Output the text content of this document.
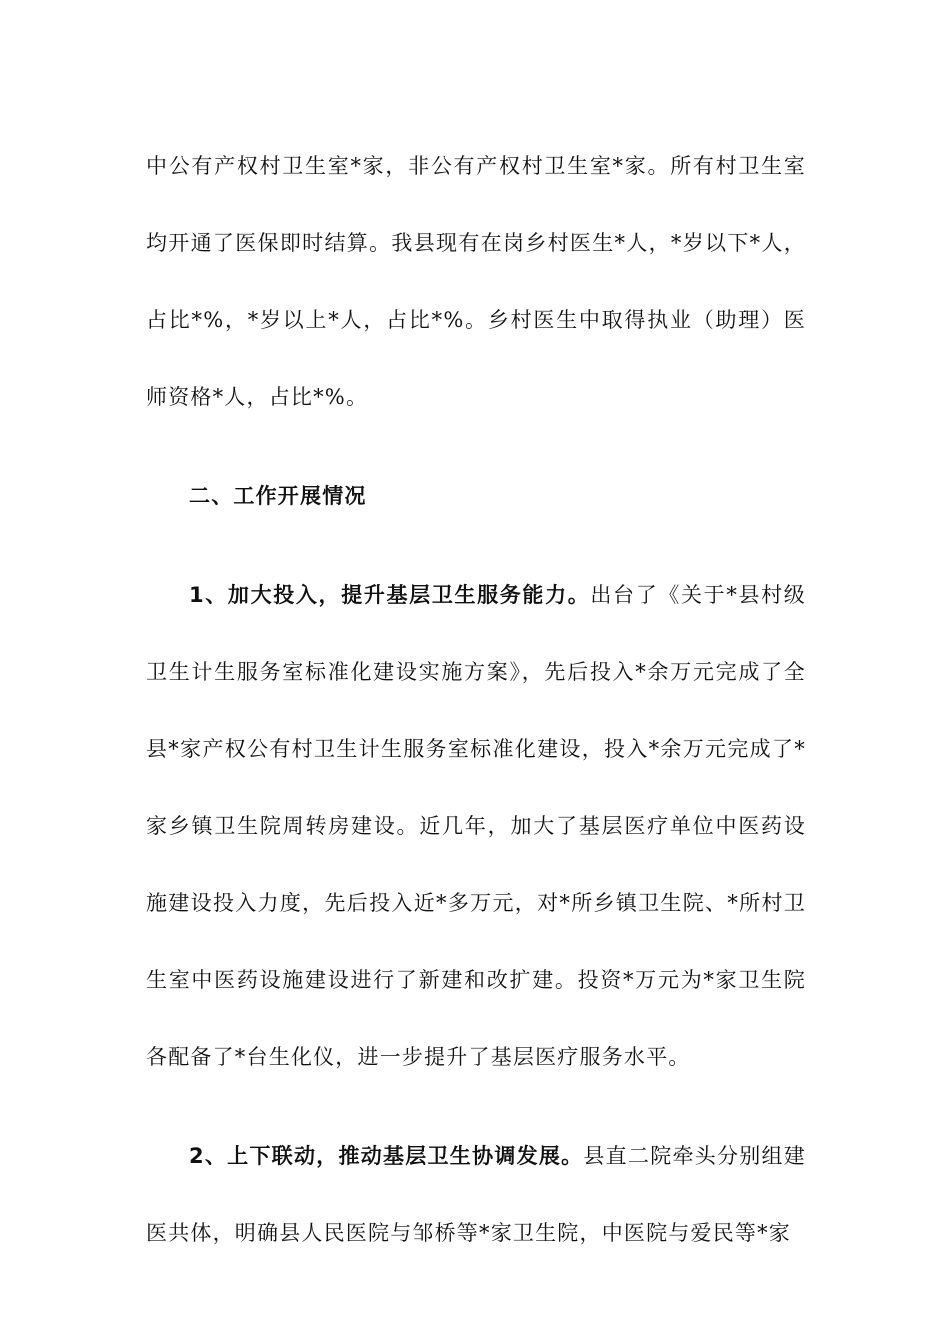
中公有产权村卫生室*家，非公有产权村卫生室*家。所有村卫生室均开通了医保即时结算。我县现有在岗乡村医生*人，*岁以下*人，占比*%，*岁以上*人，占比*%。乡村医生中取得执业（助理）医师资格*人，占比*%。

二、工作开展情况

1、加大投入，提升基层卫生服务能力。出台了《关于*县村级卫生计生服务室标准化建设实施方案》，先后投入*余万元完成了全县*家产权公有村卫生计生服务室标准化建设，投入*余万元完成了*家乡镇卫生院周转房建设。近几年，加大了基层医疗单位中医药设施建设投入力度，先后投入近*多万元，对*所乡镇卫生院、*所村卫生室中医药设施建设进行了新建和改扩建。投资*万元为*家卫生院各配备了*台生化仪，进一步提升了基层医疗服务水平。

2、上下联动，推动基层卫生协调发展。县直二院牵头分别组建医共体，明确县人民医院与邹桥等*家卫生院，中医院与爱民等*家
